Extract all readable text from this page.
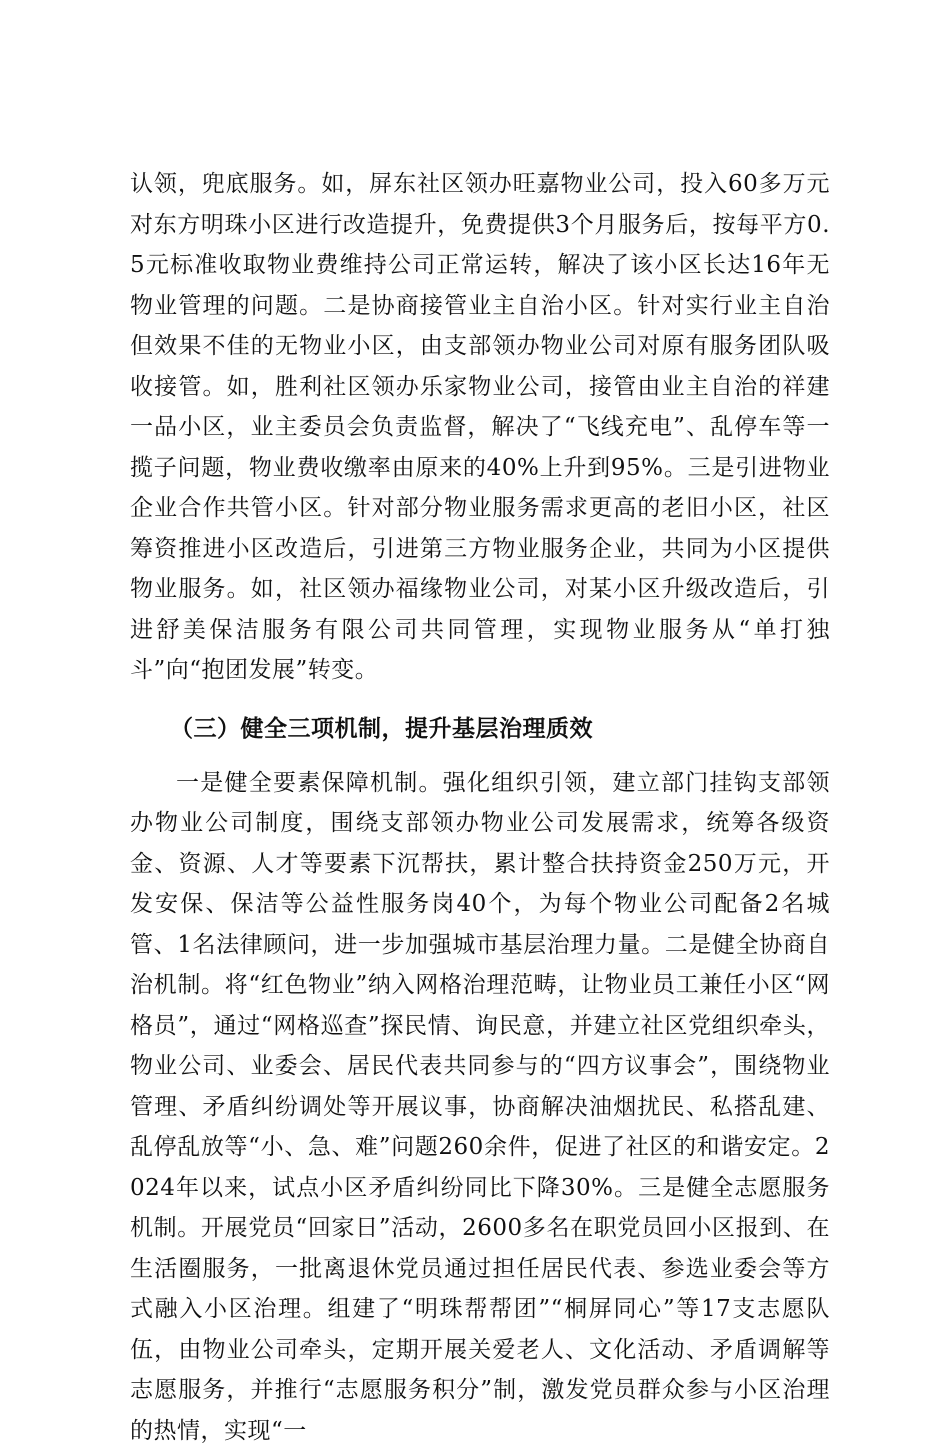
认领，兜底服务。如，屏东社区领办旺嘉物业公司，投入60多万元对东方明珠小区进行改造提升，免费提供3个月服务后，按每平方0.5元标准收取物业费维持公司正常运转，解决了该小区长达16年无物业管理的问题。二是协商接管业主自治小区。针对实行业主自治但效果不佳的无物业小区，由支部领办物业公司对原有服务团队吸收接管。如，胜利社区领办乐家物业公司，接管由业主自治的祥建一品小区，业主委员会负责监督，解决了“飞线充电”、乱停车等一揽子问题，物业费收缴率由原来的40%上升到95%。三是引进物业企业合作共管小区。针对部分物业服务需求更高的老旧小区，社区筹资推进小区改造后，引进第三方物业服务企业，共同为小区提供物业服务。如，社区领办福缘物业公司，对某小区升级改造后，引进舒美保洁服务有限公司共同管理，实现物业服务从“单打独斗”向“抱团发展”转变。

（三）健全三项机制，提升基层治理质效

一是健全要素保障机制。强化组织引领，建立部门挂钩支部领办物业公司制度，围绕支部领办物业公司发展需求，统筹各级资金、资源、人才等要素下沉帮扶，累计整合扶持资金250万元，开发安保、保洁等公益性服务岗40个，为每个物业公司配备2名城管、1名法律顾问，进一步加强城市基层治理力量。二是健全协商自治机制。将“红色物业”纳入网格治理范畴，让物业员工兼任小区“网格员”，通过“网格巡查”探民情、询民意，并建立社区党组织牵头，物业公司、业委会、居民代表共同参与的“四方议事会”，围绕物业管理、矛盾纠纷调处等开展议事，协商解决油烟扰民、私搭乱建、乱停乱放等“小、急、难”问题260余件，促进了社区的和谐安定。2024年以来，试点小区矛盾纠纷同比下降30%。三是健全志愿服务机制。开展党员“回家日”活动，2600多名在职党员回小区报到、在生活圈服务，一批离退休党员通过担任居民代表、参选业委会等方式融入小区治理。组建了“明珠帮帮团”“桐屏同心”等17支志愿队伍，由物业公司牵头，定期开展关爱老人、文化活动、矛盾调解等志愿服务，并推行“志愿服务积分”制，激发党员群众参与小区治理的热情，实现“一
